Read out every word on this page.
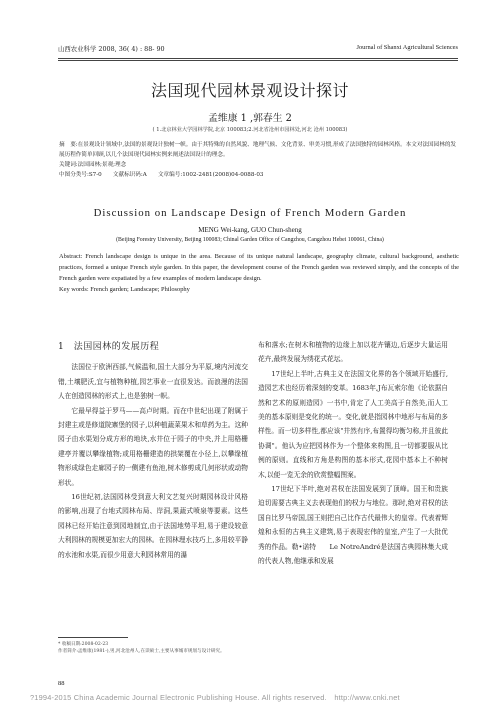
山西农业科学 2008, 36( 4) : 88- 90	Journal of Shanxi Agricultural Sciences
法国现代园林景观设计探讨
孟维康 1 ,郭春生 2
( 1.北京林业大学园林学院,北京 100083;2.河北省沧州市园林处,河北 沧州 100083)

摘　要:在景观设计领域中,法国的景观设计独树一帜。由于其特殊的自然风貌、地理气候、文化背景、审美习惯,形成了法国独特的园林风格。本文对法国园林的发展历程作简单回顾,以几个法国现代园林实例来阐述法国设计的理念。

关键词:法国园林;景观;理念

中图分类号:S7-0　　文献标识码:A　　文章编号:1002-2481(2008)04-0088-03

Discussion on Landscape Design of French Modern Garden
MENG Wei-kang, GUO Chun-sheng
(Beijing Forestry University, Beijing 100083; Chinal Garden Office of Cangzhou, Cangzhou Hebei 100061, China)

Abstract: French landscape design is unique in the area. Because of its unique natural landscape, geography climate, cultural background, aesthetic practices, formed a unique French style garden. In this paper, the development course of the French garden was reviewed simply, and the concepts of the French garden were expatiated by a few examples of modern landscape design.

Key words: French garden; Landscape; Philosophy

1　法国园林的发展历程

法国位于欧洲西部,气候温和,国土大部分为平原,境内河流交错,土壤肥沃,宜与植物种植,园艺事业一直很发达。而浪漫的法国人在创造园林的形式上,也是独树一帜。

它最早得益于罗马——高卢时期。而在中世纪出现了附属于封建主或是修道院寨堡的园子,以种植蔬菜果木和草药为主。这种园子由水渠划分成方形的地块,水井位于园子的中央,并上用格栅建亭并覆以攀缘植物;或用格栅建造的拱架覆在小径上,以攀缘植物形成绿色走廊园子的一侧建有鱼池,树木修剪成几何形状或动物形状。

16世纪初,法国园林受到意大利文艺复兴时期园林设计风格的影响,出现了台地式园林布局、岸洞,果蔬式喷泉等要素。这些园林已经开始注意到园地制宜,由于法国地势平坦,易于建设较意大利园林的规模更加宏大的园林。在园林理水技巧上,多用较平静的水池和水渠,而很少用意大利园林常用的瀑

布和落水;在树木和植物的边缘上加以花卉镶边,后逐步大量运用花卉,最终发展为绣花式花坛。

17世纪上半叶,古典主义在法国文化界的各个领域开始盛行,造园艺术也经历着深刻的变革。1683年,J布瓦索尔他《论依据自然和艺术的原则造园》一书中,肯定了人工美高于自然美,而人工美的基本原则是变化的统一。变化,就是指园林中地形与布局的多样性。而一切多样性,都应该"井然有序,布置得均衡匀称,并且彼此协调"。他认为应把园林作为一个整体来构图,且一切都要服从比例的原则。直线和方角是构图的基本形式,花园中基本上不种树木,以便一览无余的欣赏整幅图案。

17世纪下半叶,绝对君权在法国发展到了顶峰。国王和贵族迫切需要古典主义去表现他们的权力与地位。那时,绝对君权的法国自比罗马帝国,国王则把自己比作古代最伟大的皇帝。代表着辉煌和永恒的古典主义建筑,易于表现宏伟的皇室,产生了一大批优秀的作品。勒•诺特　　Le NotreAndré是法国古典园林集大成的代表人物,他继承和发展

* 收稿日期:2008-02-23
作者简介:孟维康(1981-),男,河北沧州人,在读硕士,主要从事城市规划与设计研究。
88
?1994-2015 China Academic Journal Electronic Publishing House. All rights reserved.　http://www.cnki.net
